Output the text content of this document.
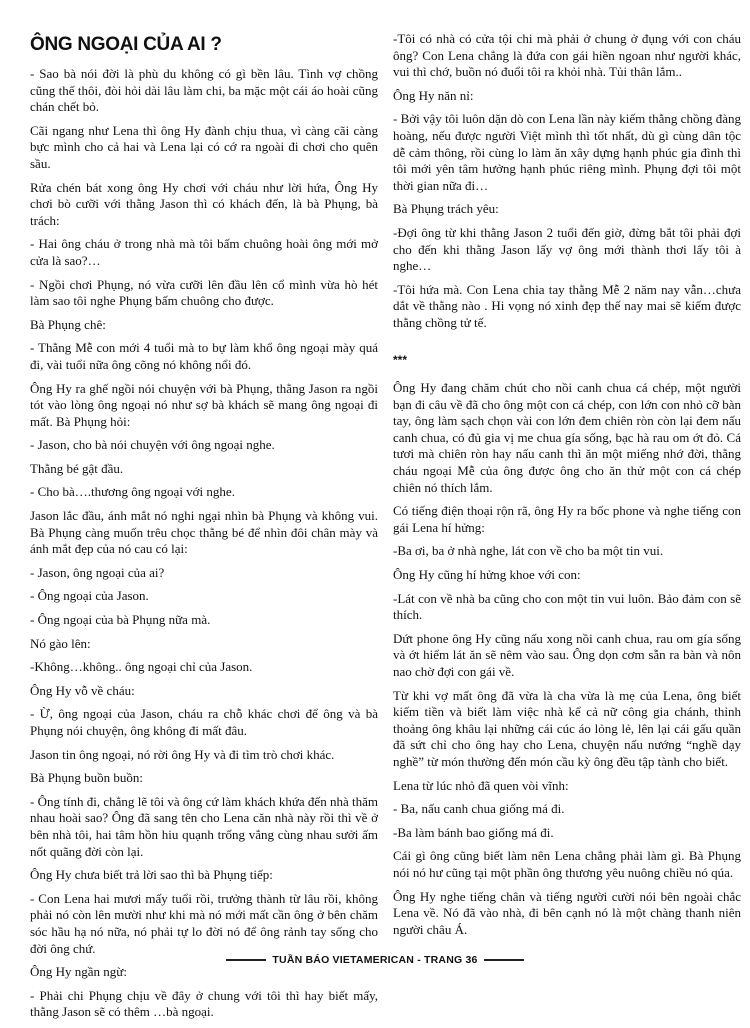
ÔNG NGOẠI CỦA AI ?

- Sao bà nói đời là phù du không có gì bền lâu. Tình vợ chồng cũng thế thôi, đòi hỏi dài lâu làm chi, ba mặc một cái áo hoài cũng chán chết bỏ.

Cãi ngang như Lena thì ông Hy đành chịu thua, vì càng cãi càng bực mình cho cả hai và Lena lại có cớ ra ngoài đi chơi cho quên sầu.

Rửa chén bát xong ông Hy chơi với cháu như lời hứa, Ông Hy chơi bò cưỡi với thằng Jason thì có khách đến, là bà Phụng, bà trách:

- Hai ông cháu ở trong nhà mà tôi bấm chuông hoài ông mới mở cửa là sao?…

- Ngồi chơi Phụng, nó vừa cưỡi lên đầu lên cổ mình vừa hò hét làm sao tôi nghe Phụng bấm chuông cho được.

Bà Phụng chê:

- Thằng Mễ con mới 4 tuổi mà to bự làm khổ ông ngoại mày quá đi, vài tuổi nữa ông cõng nó không nổi đó.

Ông Hy ra ghế ngồi nói chuyện với bà Phụng, thằng Jason ra ngồi tót vào lòng ông ngoại nó như sợ bà khách sẽ mang ông ngoại đi mất. Bà Phụng hỏi:

- Jason, cho bà nói chuyện với ông ngoại nghe.

Thằng bé gật đầu.

- Cho bà….thương ông ngoại với nghe.

Jason lắc đầu, ánh mắt nó nghi ngại nhìn bà Phụng và không vui. Bà Phụng càng muốn trêu chọc thằng bé để nhìn đôi chân mày và ánh mắt đẹp của nó cau có lại:

- Jason, ông ngoại của ai?

- Ông ngoại của Jason.

- Ông ngoại của bà Phụng nữa mà.

Nó gào lên:

-Không…không.. ông ngoại chỉ của Jason.

Ông Hy vỗ về cháu:

- Ừ, ông ngoại của Jason, cháu ra chỗ khác chơi để ông và bà Phụng nói chuyện, ông không đi mất đâu.

Jason tin ông ngoại, nó rời ông Hy và đi tìm trò chơi khác.

Bà Phụng buồn buồn:

- Ông tính đi, chẳng lẽ tôi và ông cứ làm khách khứa đến nhà thăm nhau hoài sao? Ông đã sang tên cho Lena căn nhà này rồi thì về ở bên nhà tôi, hai tâm hồn hiu quạnh trống vắng cùng nhau sưởi ấm nốt quãng đời còn lại.

Ông Hy chưa biết trả lời sao thì bà Phụng tiếp:

- Con Lena hai mươi mấy tuổi rồi, trưởng thành từ lâu rồi, không phải nó còn lên mười như khi mà nó mới mất cần ông ở bên chăm sóc hầu hạ nó nữa, nó phải tự lo đời nó để ông rảnh tay sống cho đời ông chứ.

Ông Hy ngần ngừ:

- Phải chi Phụng chịu về đây ở chung với tôi thì hay biết mấy, thằng Jason sẽ có thêm …bà ngoại.

-Tôi có nhà có cửa tội chi mà phải ở chung ở đụng với con cháu ông? Con Lena chẳng là đứa con gái hiền ngoan như người khác, vui thì chớ, buồn nó đuổi tôi ra khỏi nhà. Tủi thân lắm..

Ông Hy năn nỉ:

- Bởi vậy tôi luôn dặn dò con Lena lần này kiếm thằng chồng đàng hoàng, nếu được người Việt mình thì tốt nhất, dù gì cùng dân tộc dễ cảm thông, rồi cùng lo làm ăn xây dựng hạnh phúc gia đình thì tôi mới yên tâm hưởng hạnh phúc riêng mình. Phụng đợi tôi một thời gian nữa đi…

Bà Phụng trách yêu:

-Đợi ông từ khi thằng Jason 2 tuổi đến giờ, đừng bắt tôi phải đợi cho đến khi thằng Jason lấy vợ ông mới thành thơi lấy tôi à nghe…

-Tôi hứa mà. Con Lena chia tay thằng Mễ 2 năm nay vẫn…chưa dắt về thằng nào . Hi vọng nó xinh đẹp thế nay mai sẽ kiếm được thằng chồng tử tế.

***

Ông Hy đang chăm chút cho nồi canh chua cá chép, một người bạn đi câu về đã cho ông một con cá chép, con lớn con nhỏ cỡ bàn tay, ông làm sạch chọn vài con lớn đem chiên ròn còn lại đem nấu canh chua, có đủ gia vị me chua gía sống, bạc hà rau om ớt đỏ. Cá tươi mà chiên ròn hay nấu canh thì ăn một miếng nhớ đời, thằng cháu ngoại Mễ của ông được ông cho ăn thử một con cá chép chiên nó thích lắm.

Có tiếng điện thoại rộn rã, ông Hy ra bốc phone và nghe tiếng con gái Lena hí hửng:

-Ba ơi, ba ở nhà nghe, lát con về cho ba một tin vui.

Ông Hy cũng hí hửng khoe với con:

-Lát con về nhà ba cũng cho con một tin vui luôn. Bảo đảm con sẽ thích.

Dứt phone ông Hy cũng nấu xong nồi canh chua, rau om gía sống và ớt hiểm lát ăn sẽ nêm vào sau. Ông dọn cơm sẵn ra bàn và nôn nao chờ đợi con gái về.

Từ khi vợ mất ông đã vừa là cha vừa là mẹ của Lena, ông biết kiếm tiền và biết làm việc nhà kể cả nữ công gia chánh, thỉnh thoảng ông khâu lại những cái cúc áo lỏng lẻ, lên lại cái gấu quần đã sứt chỉ cho ông hay cho Lena, chuyện nấu nướng “nghề dạy nghề” từ món thường đến món cầu kỳ ông đều tập tành cho biết.

Lena từ lúc nhỏ đã quen vòi vĩnh:

- Ba, nấu canh chua giống má đi.

-Ba làm bánh bao giống má đi.

Cái gì ông cũng biết làm nên Lena chẳng phải làm gì. Bà Phụng nói nó hư cũng tại một phần ông thương yêu nuông chiều nó qúa.

Ông Hy nghe tiếng chân và tiếng người cười nói bên ngoài chắc Lena về. Nó đã vào nhà, đi bên cạnh nó là một chàng thanh niên người châu Á.

TUẦN BÁO VIETAMERICAN - TRANG 36
